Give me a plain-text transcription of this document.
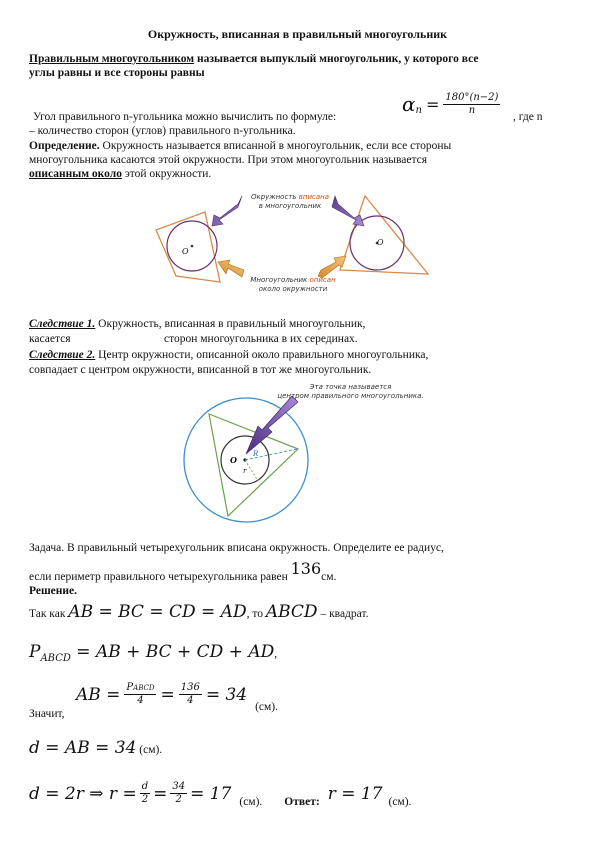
Окружность, вписанная в правильный многоугольник
Правильным многоугольником называется выпуклый многоугольник, у которого все
углы равны и все стороны равны
Угол правильного n-угольника можно вычислить по формуле:
α $n = \frac{180^\circ(n-2)}{n}$
, где n
– количество сторон (углов) правильного n-угольника.
Определение. Окружность называется вписанной в многоугольник, если все стороны
многоугольника касаются этой окружности. При этом многоугольник называется
описанным около этой окружности.
Окружность вписана
в многоугольник
Многоугольник описан
около окружности
O
O
Следствие 1. Окружность, вписанная в правильный многоугольник,
касается	сторон многоугольника в их серединах.
Следствие 2. Центр окружности, описанной около правильного многоугольника,
совпадает с центром окружности, вписанной в тот же многоугольник.
Эта точка называется
центром правильного многоугольника.
O
R
r
Задача. В правильный четырехугольник вписана окружность. Определите ее радиус,
если периметр правильного четырехугольника равен 136см.
Решение.
Так как AB = BC = CD = AD, то ABCD – квадрат.
PABCD = AB + BC + CD + AD,
Значит,
AB = $\frac{\text{PABCD}}{4} = \frac{136}{4} = 34$
(см).
d = AB = 34 (см).
d = 2r ⇒ $r = \frac{d}{2} = \frac{34}{2} = 17$ (см). Ответ: r = 17 (см).
